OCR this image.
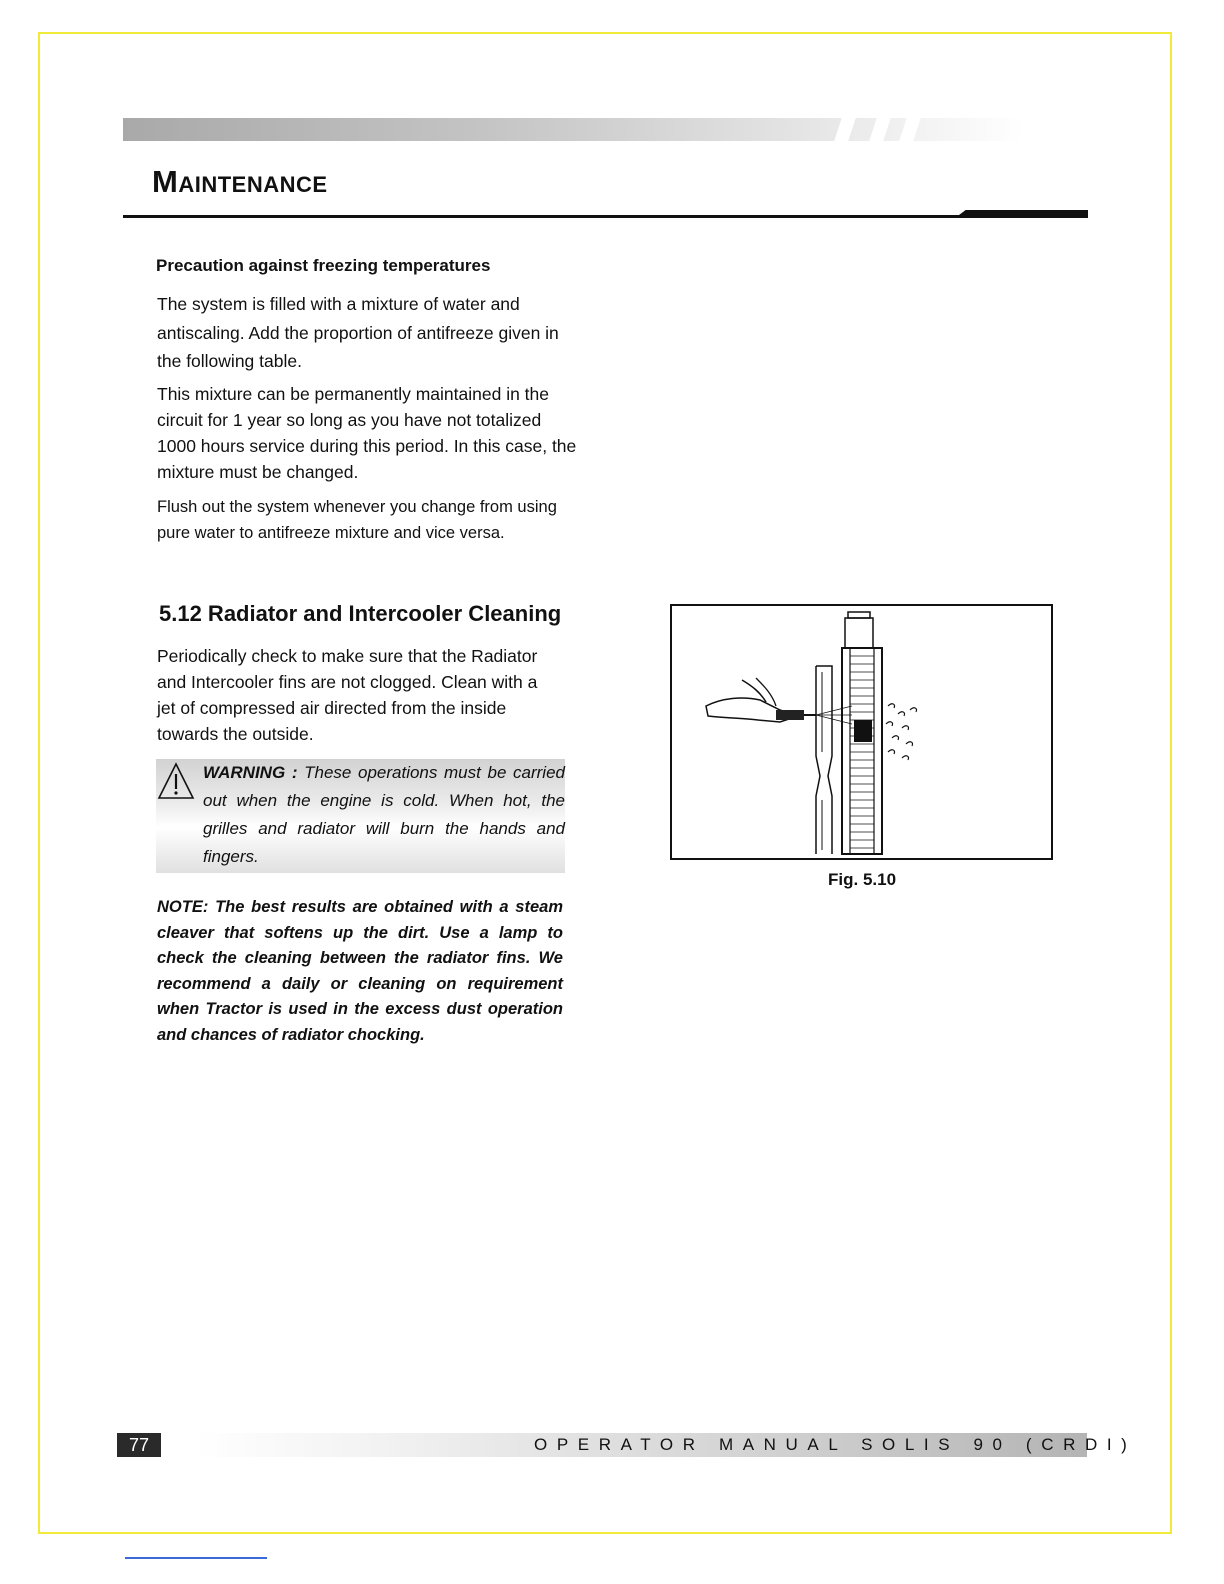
Maintenance
Precaution against freezing temperatures

The system is filled with a mixture of water and antiscaling. Add the proportion of antifreeze given in the following table.

This mixture can be permanently maintained in the circuit for 1 year so long as you have not totalized 1000 hours service during this period. In this case, the mixture must be changed.

Flush out the system whenever you change from using pure water to antifreeze mixture and vice versa.

5.12 Radiator and Intercooler Cleaning

Periodically check to make sure that the Radiator and Intercooler fins are not clogged. Clean with a jet of compressed air directed from the inside towards the outside.

WARNING : These operations must be carried out when the engine is cold. When hot, the grilles and radiator will burn the hands and fingers.

NOTE: The best results are obtained with a steam cleaver that softens up the dirt. Use a lamp to check the cleaning between the radiator fins. We recommend a daily or cleaning on requirement when Tractor is used in the excess dust operation and chances of radiator chocking.

Fig. 5.10

77	OPERATOR MANUAL SOLIS 90 (CRDI)
